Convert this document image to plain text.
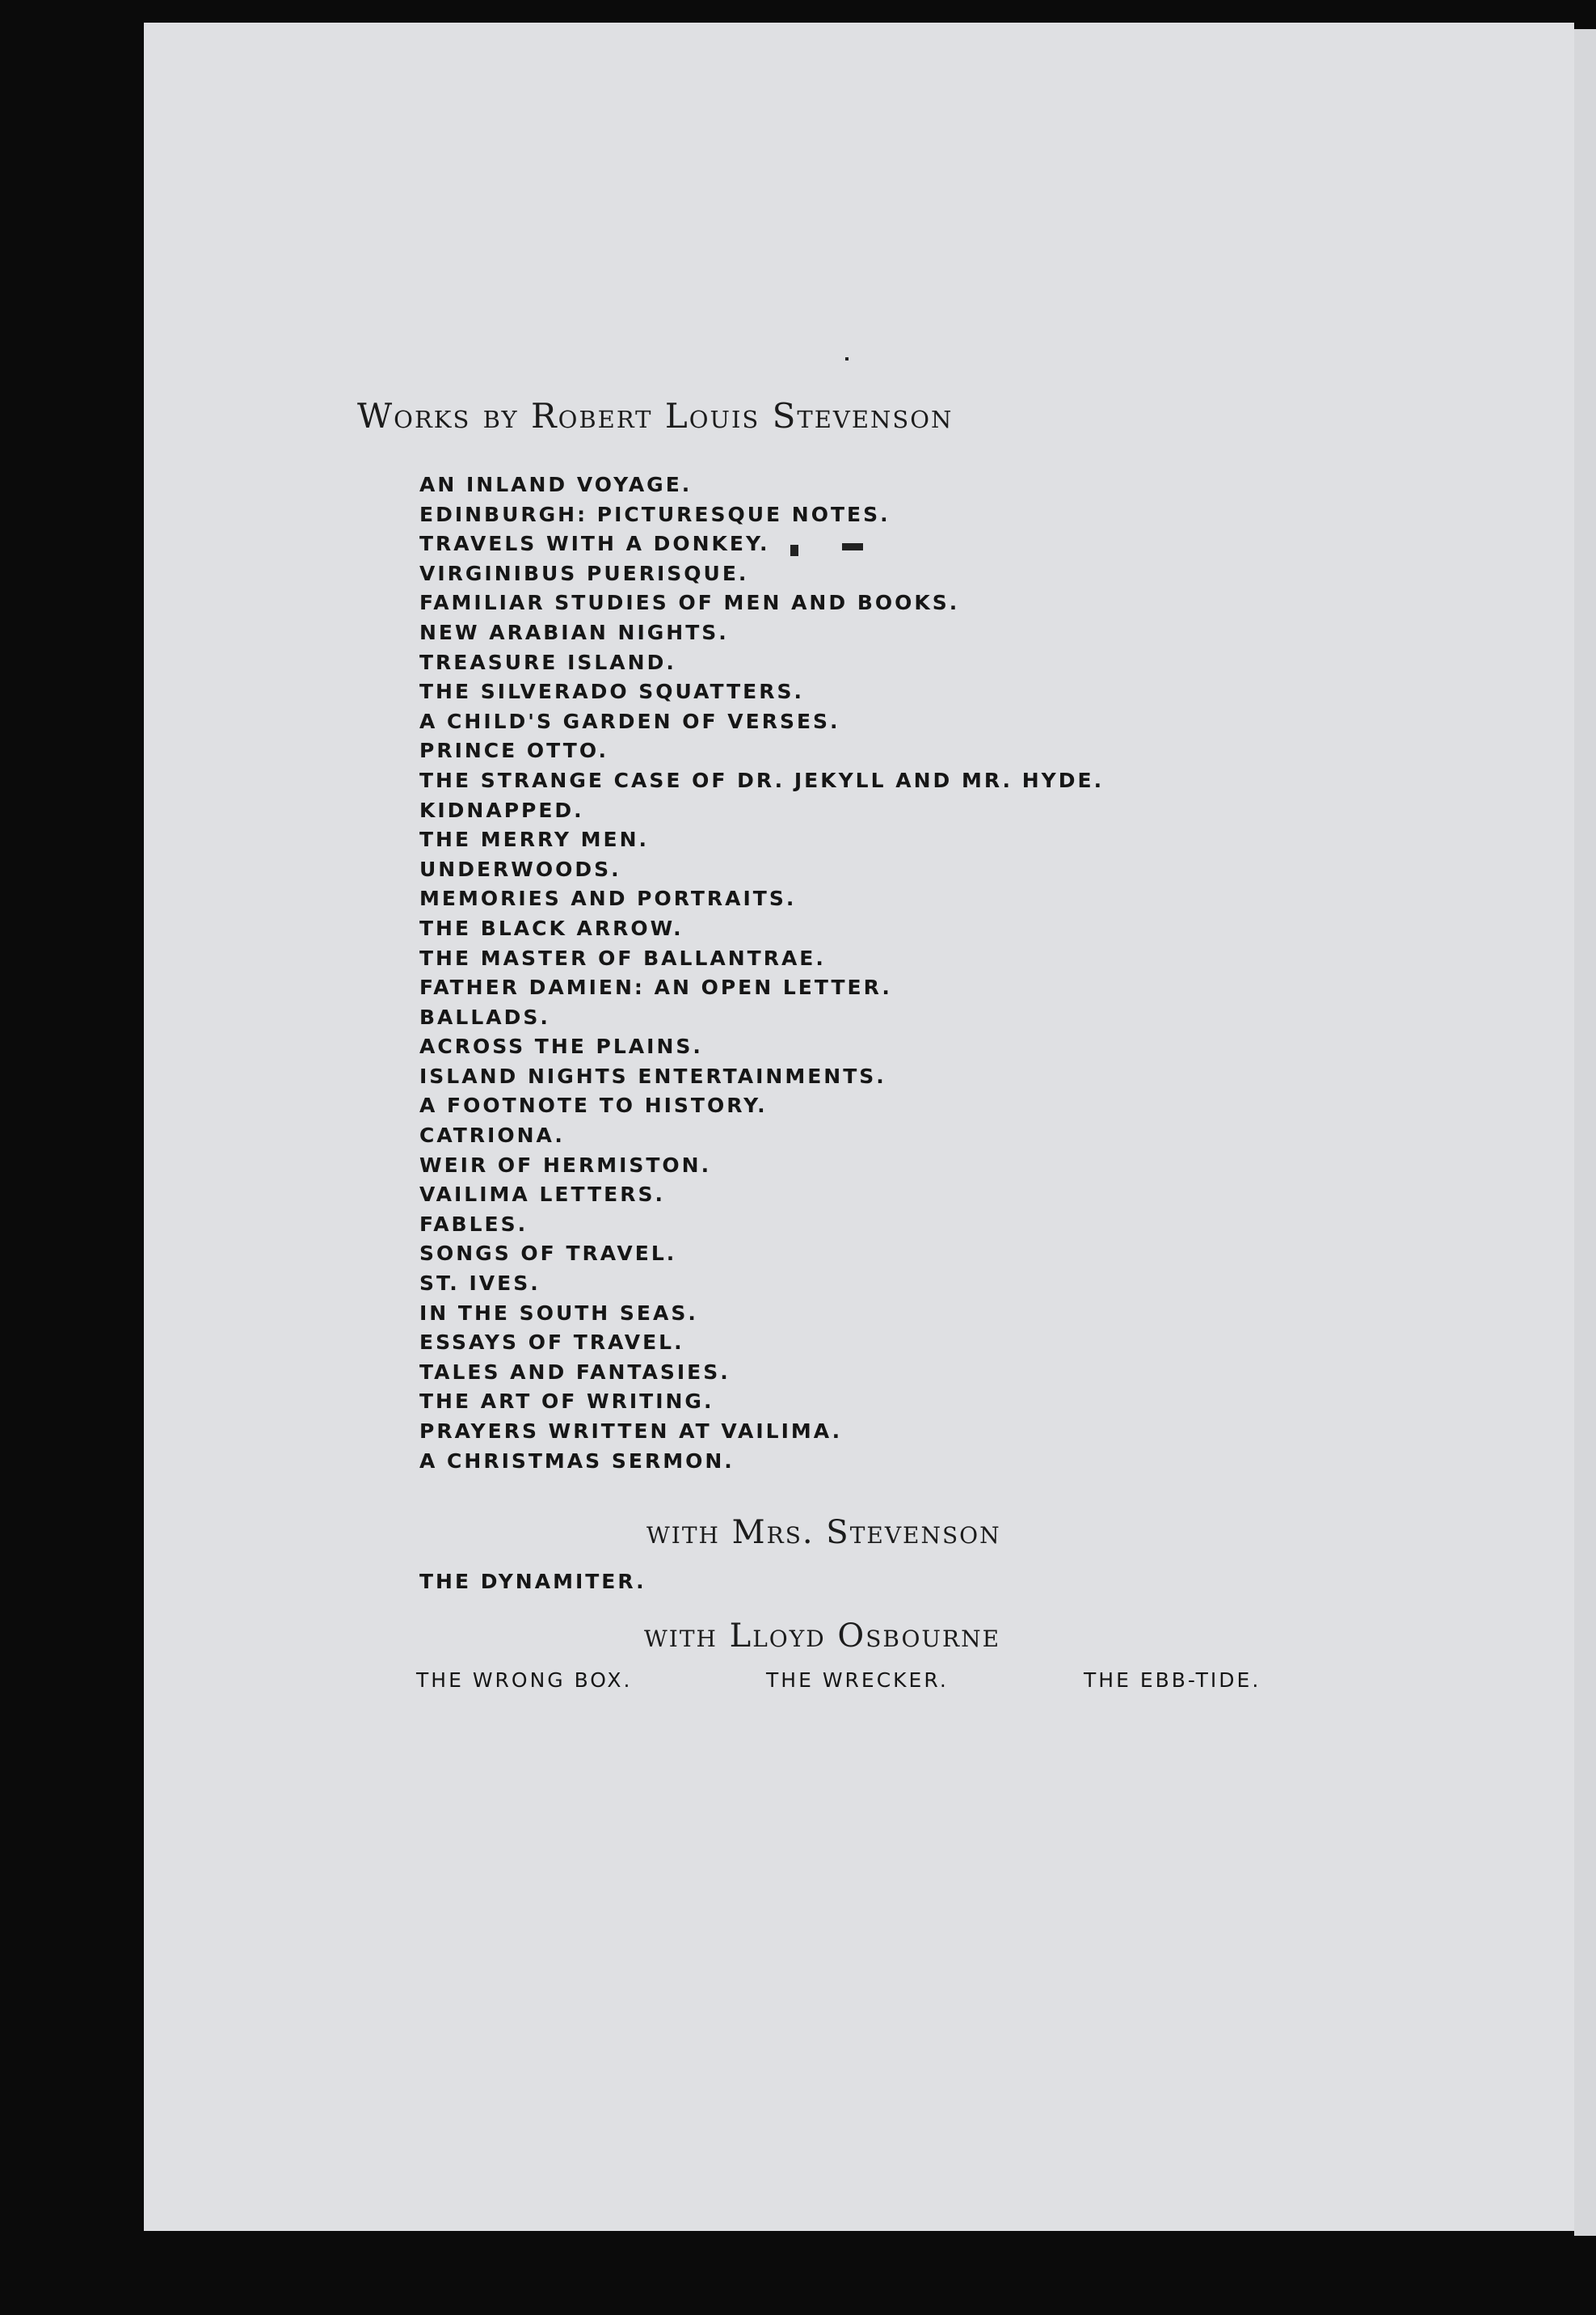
Works by Robert Louis Stevenson
AN INLAND VOYAGE.
EDINBURGH: PICTURESQUE NOTES.
TRAVELS WITH A DONKEY.
VIRGINIBUS PUERISQUE.
FAMILIAR STUDIES OF MEN AND BOOKS.
NEW ARABIAN NIGHTS.
TREASURE ISLAND.
THE SILVERADO SQUATTERS.
A CHILD'S GARDEN OF VERSES.
PRINCE OTTO.
THE STRANGE CASE OF DR. JEKYLL AND MR. HYDE.
KIDNAPPED.
THE MERRY MEN.
UNDERWOODS.
MEMORIES AND PORTRAITS.
THE BLACK ARROW.
THE MASTER OF BALLANTRAE.
FATHER DAMIEN: AN OPEN LETTER.
BALLADS.
ACROSS THE PLAINS.
ISLAND NIGHTS ENTERTAINMENTS.
A FOOTNOTE TO HISTORY.
CATRIONA.
WEIR OF HERMISTON.
VAILIMA LETTERS.
FABLES.
SONGS OF TRAVEL.
ST. IVES.
IN THE SOUTH SEAS.
ESSAYS OF TRAVEL.
TALES AND FANTASIES.
THE ART OF WRITING.
PRAYERS WRITTEN AT VAILIMA.
A CHRISTMAS SERMON.
with Mrs. Stevenson
THE DYNAMITER.
with Lloyd Osbourne
THE WRONG BOX.	THE WRECKER.	THE EBB-TIDE.
